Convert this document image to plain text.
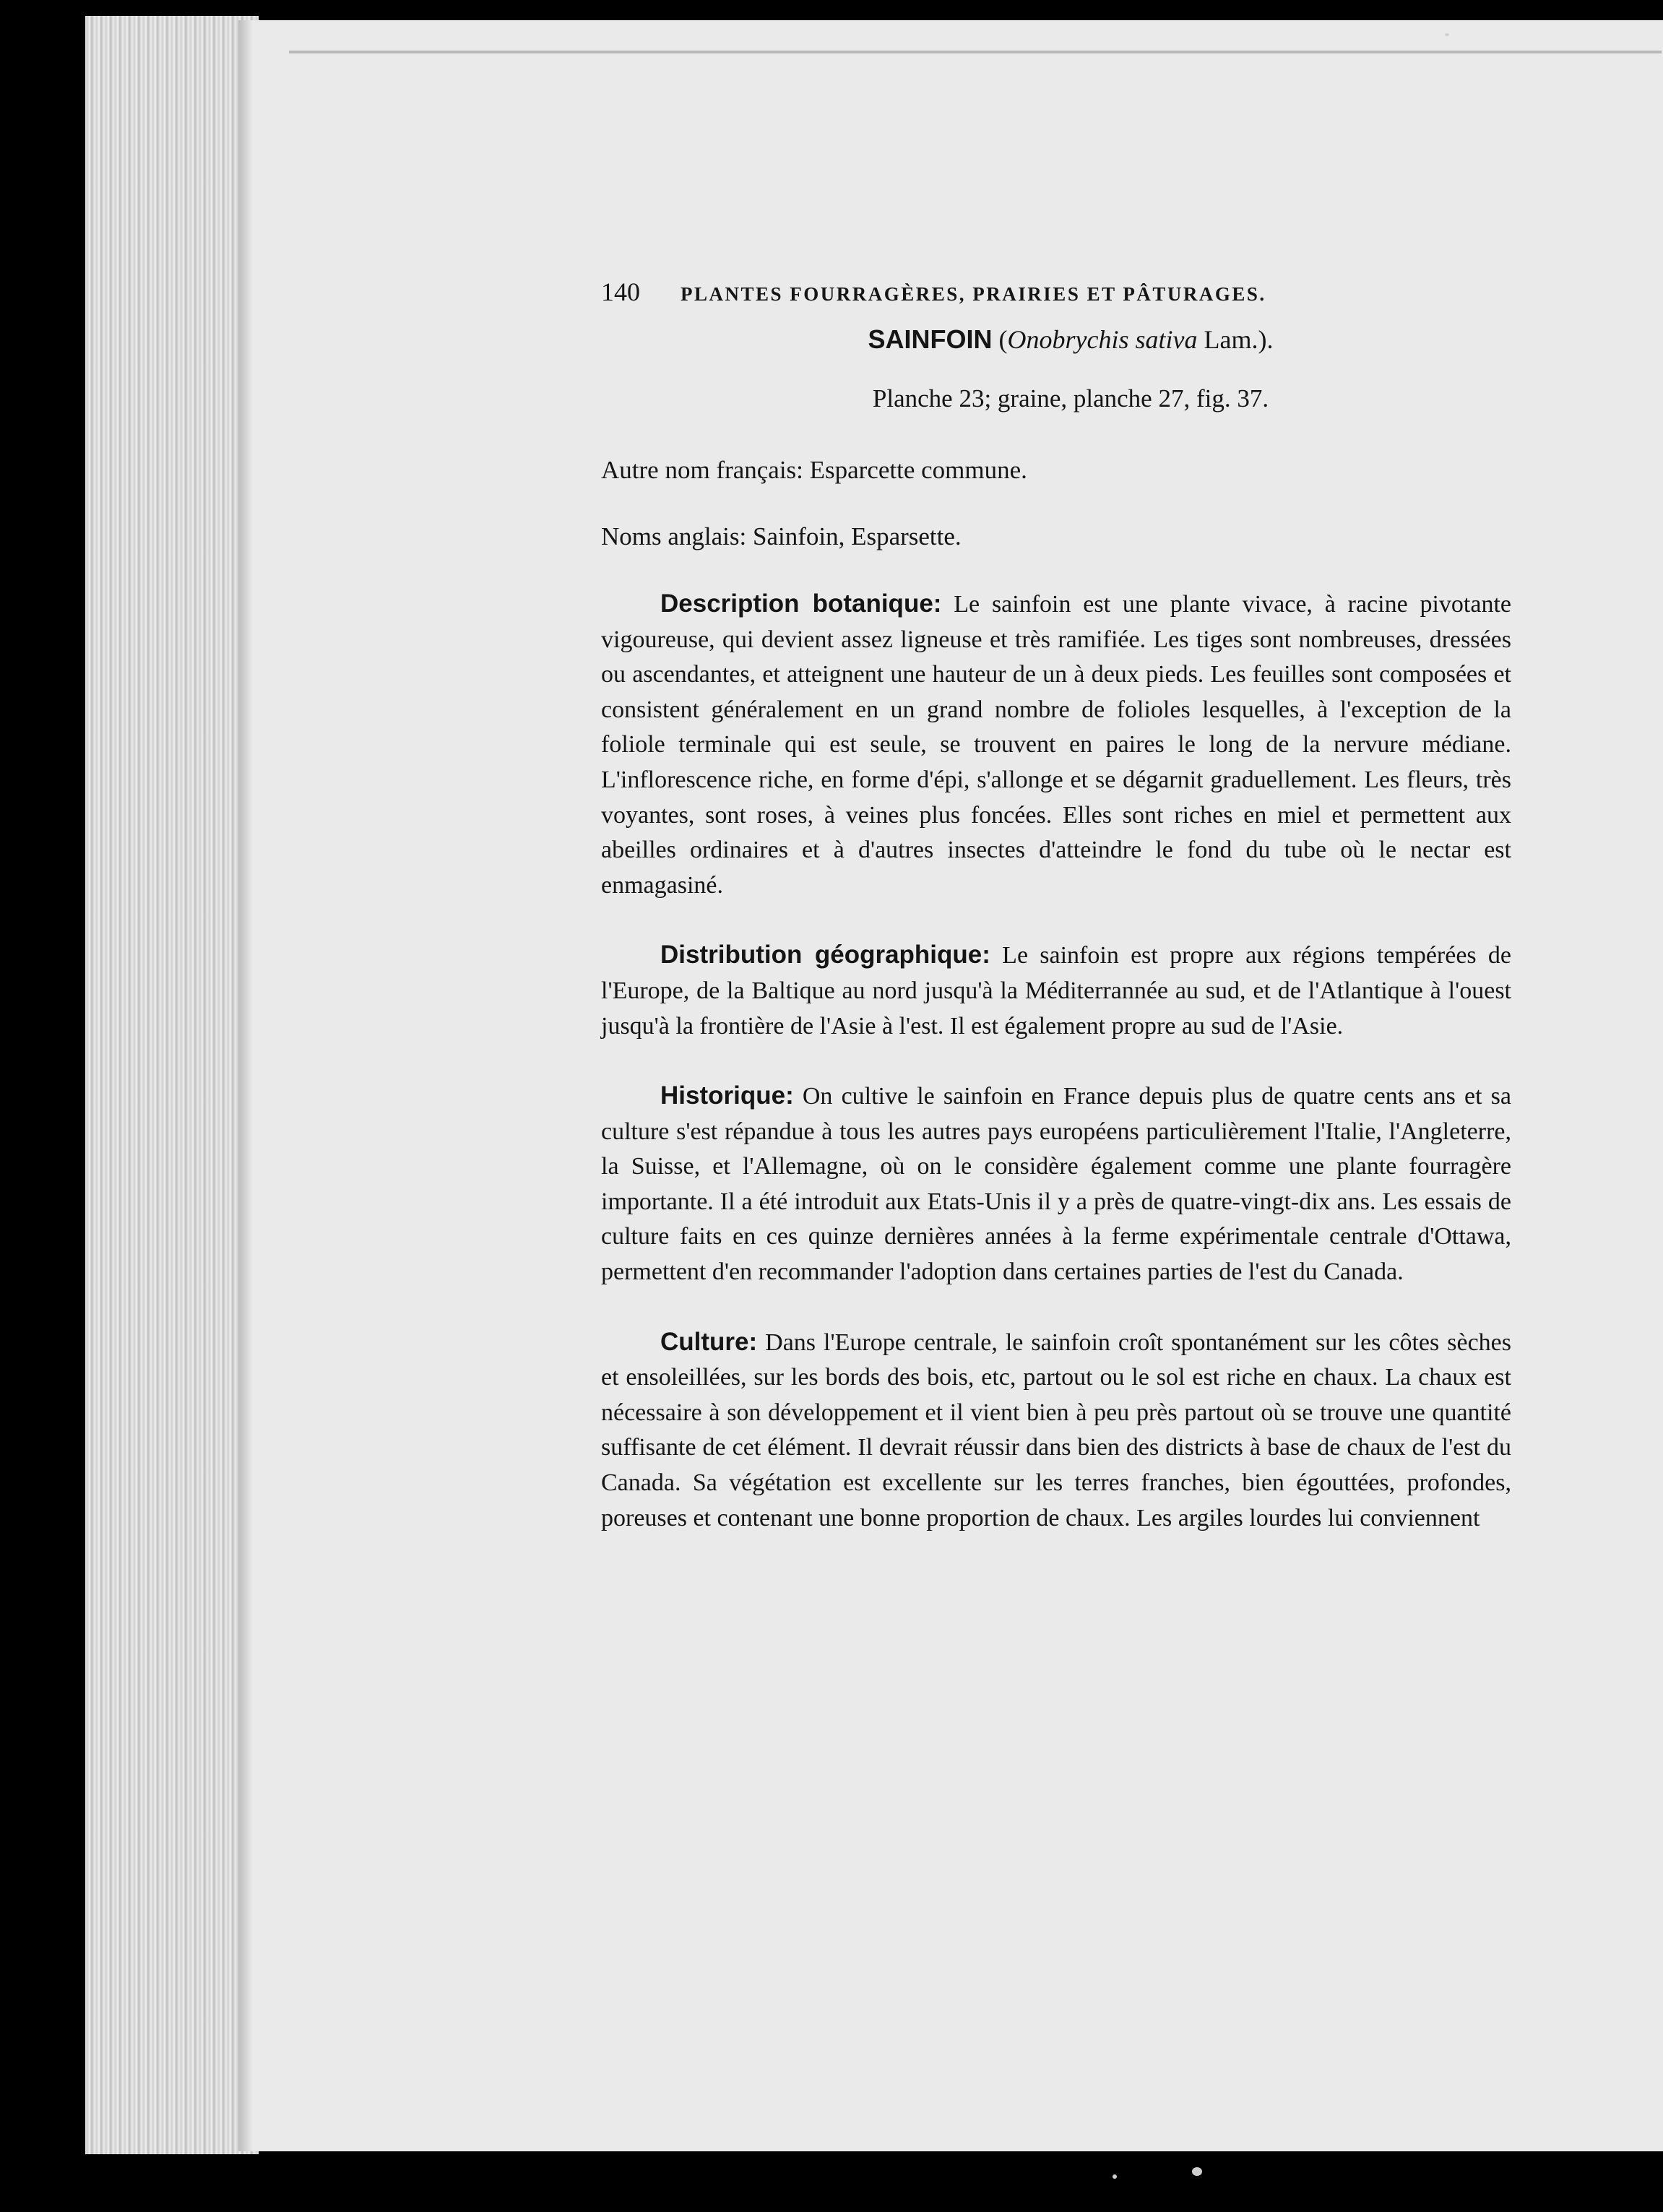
140	PLANTES FOURRAGÈRES, PRAIRIES ET PÂTURAGES.
SAINFOIN (Onobrychis sativa Lam.).
Planche 23; graine, planche 27, fig. 37.
Autre nom français: Esparcette commune.
Noms anglais: Sainfoin, Esparsette.

Description botanique: Le sainfoin est une plante vivace, à racine pivotante vigoureuse, qui devient assez ligneuse et très ramifiée. Les tiges sont nombreuses, dressées ou ascendantes, et atteignent une hauteur de un à deux pieds. Les feuilles sont composées et consistent généralement en un grand nombre de folioles lesquelles, à l'exception de la foliole terminale qui est seule, se trouvent en paires le long de la nervure médiane. L'inflorescence riche, en forme d'épi, s'allonge et se dégarnit graduellement. Les fleurs, très voyantes, sont roses, à veines plus foncées. Elles sont riches en miel et permettent aux abeilles ordinaires et à d'autres insectes d'atteindre le fond du tube où le nectar est enmagasiné.

Distribution géographique: Le sainfoin est propre aux régions tempérées de l'Europe, de la Baltique au nord jusqu'à la Méditerrannée au sud, et de l'Atlantique à l'ouest jusqu'à la frontière de l'Asie à l'est. Il est également propre au sud de l'Asie.

Historique: On cultive le sainfoin en France depuis plus de quatre cents ans et sa culture s'est répandue à tous les autres pays européens particulièrement l'Italie, l'Angleterre, la Suisse, et l'Allemagne, où on le considère également comme une plante fourragère importante. Il a été introduit aux Etats-Unis il y a près de quatre-vingt-dix ans. Les essais de culture faits en ces quinze dernières années à la ferme expérimentale centrale d'Ottawa, permettent d'en recommander l'adoption dans certaines parties de l'est du Canada.

Culture: Dans l'Europe centrale, le sainfoin croît spontanément sur les côtes sèches et ensoleillées, sur les bords des bois, etc, partout ou le sol est riche en chaux. La chaux est nécessaire à son développement et il vient bien à peu près partout où se trouve une quantité suffisante de cet élément. Il devrait réussir dans bien des districts à base de chaux de l'est du Canada. Sa végétation est excellente sur les terres franches, bien égouttées, profondes, poreuses et contenant une bonne proportion de chaux. Les argiles lourdes lui conviennent
